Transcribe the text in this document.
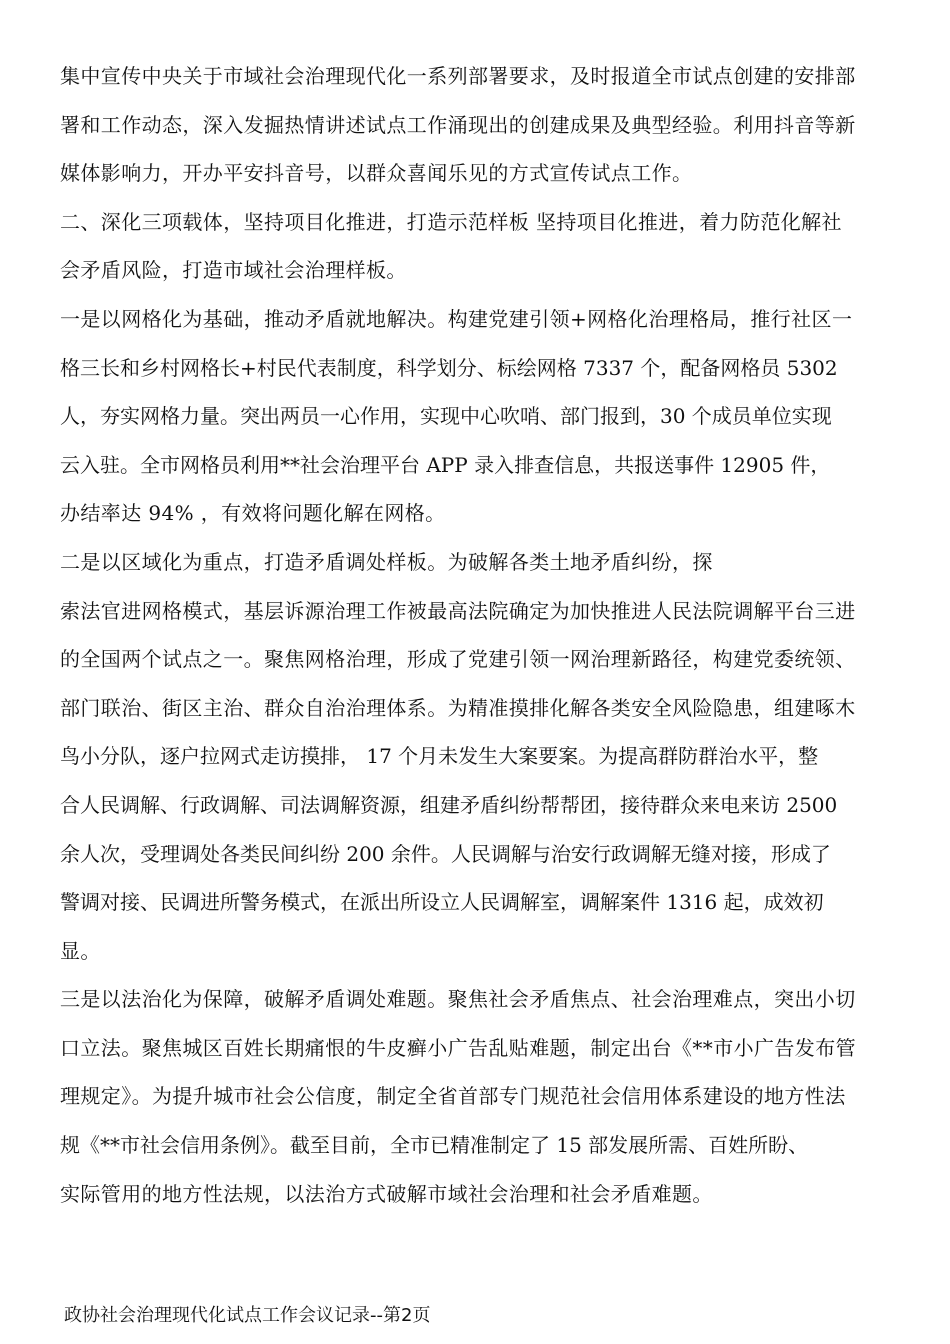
集中宣传中央关于市域社会治理现代化一系列部署要求，及时报道全市试点创建的安排部
署和工作动态，深入发掘热情讲述试点工作涌现出的创建成果及典型经验。利用抖音等新
媒体影响力，开办平安抖音号，以群众喜闻乐见的方式宣传试点工作。
二、深化三项载体，坚持项目化推进，打造示范样板 坚持项目化推进，着力防范化解社
会矛盾风险，打造市域社会治理样板。
一是以网格化为基础，推动矛盾就地解决。构建党建引领+网格化治理格局，推行社区一
格三长和乡村网格长+村民代表制度，科学划分、标绘网格 7337 个，配备网格员 5302
人，夯实网格力量。突出两员一心作用，实现中心吹哨、部门报到，30 个成员单位实现
云入驻。全市网格员利用**社会治理平台 APP 录入排查信息，共报送事件 12905 件，
办结率达 94% ，有效将问题化解在网格。
二是以区域化为重点，打造矛盾调处样板。为破解各类土地矛盾纠纷，探
索法官进网格模式，基层诉源治理工作被最高法院确定为加快推进人民法院调解平台三进
的全国两个试点之一。聚焦网格治理，形成了党建引领一网治理新路径，构建党委统领、
部门联治、街区主治、群众自治治理体系。为精准摸排化解各类安全风险隐患，组建啄木
鸟小分队，逐户拉网式走访摸排， 17 个月未发生大案要案。为提高群防群治水平，整
合人民调解、行政调解、司法调解资源，组建矛盾纠纷帮帮团，接待群众来电来访 2500
余人次，受理调处各类民间纠纷 200 余件。人民调解与治安行政调解无缝对接，形成了
警调对接、民调进所警务模式，在派出所设立人民调解室，调解案件 1316 起，成效初
显。
三是以法治化为保障，破解矛盾调处难题。聚焦社会矛盾焦点、社会治理难点，突出小切
口立法。聚焦城区百姓长期痛恨的牛皮癣小广告乱贴难题，制定出台《**市小广告发布管
理规定》。为提升城市社会公信度，制定全省首部专门规范社会信用体系建设的地方性法
规《**市社会信用条例》。截至目前，全市已精准制定了 15 部发展所需、百姓所盼、
实际管用的地方性法规，以法治方式破解市域社会治理和社会矛盾难题。
政协社会治理现代化试点工作会议记录--第2页
